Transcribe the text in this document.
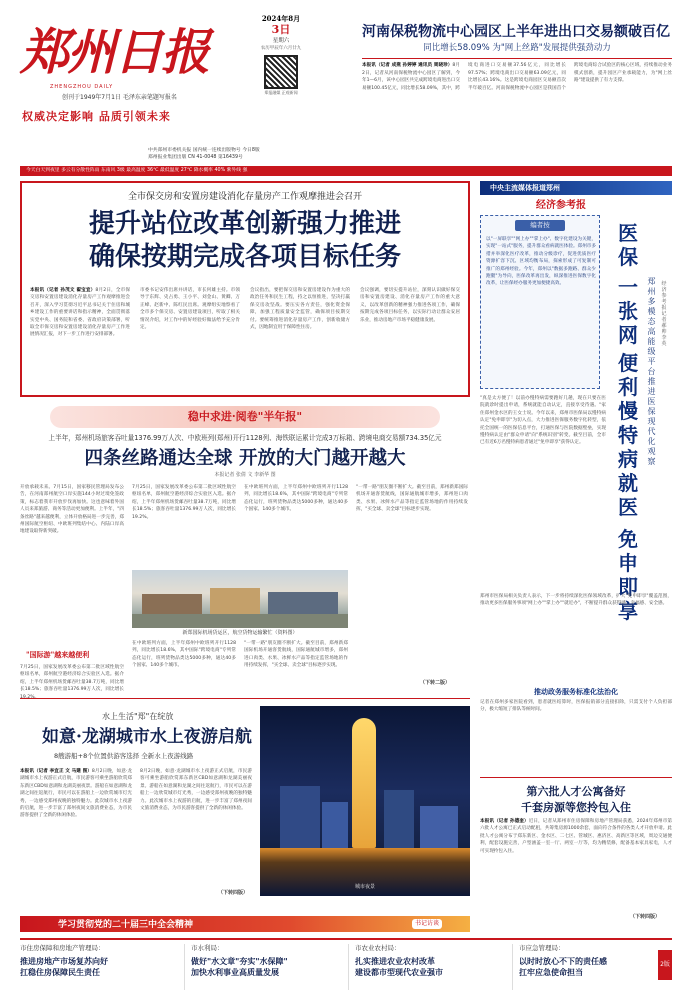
郑州日报
ZHENGZHOU DAILY
创刊于1949年7月1日 毛泽东亲笔题写报名
权威决定影响 品质引领未来
2024年8月
3日
星期六
农历甲辰年六月廿九
郑报融媒 正观新闻
中共郑州市委机关报 国内统一连续出版物号 今日8版
郑州报业集团出版 CN 41-0048 第16439号
河南保税物流中心园区上半年进出口交易额破百亿
同比增长58.09% 为"网上丝路"发展提供强劲动力
本报讯（记者 成燕 孙婷婷 通讯员 周晓珍）8月2日，记者从河南保税物流中心园区了解到，今年1—6月，该中心园区共完成跨境电商进出口交易额100.45亿元，同比增长58.09%，其中，跨境电商进口交易额37.56亿元，同比增长97.57%；跨境电商出口交易额63.09亿元，同比增长43.16%。这是跨境电商园区交易额首次半年破百亿。河南保税物流中心园区是我国首个跨境电商综合试验区的核心区域，持续推动业务模式创新，提升园区产业承载能力，为"网上丝路"建设提供了有力支撑。
今天白天到夜里 多云有分散性阵雨 东南风 3级 最高温度 36℃ 最低温度 27℃ 降水概率 40% 紫外线 强
全市保交房和安置房建设消化存量房产工作观摩推进会召开
提升站位改革创新强力推进
确保按期完成各项目标任务
本报讯（记者 孙茂文 翟宝宜）8月2日，全市保交房和安置房建设消化存量房产工作观摩推进会召开，深入学习贯彻习近平总书记关于住房和城乡建设工作的重要讲话和指示精神，全面贯彻落实党中央、国务院和省委、省政府决策部署，听取全市保交房和安置房建设消化存量房产工作进展情况汇报，对下一步工作进行安排部署。
市委书记安伟出席并讲话，市长何雄主持。市领导于东辉、史占勇、王小平、刘金山、黄卿、万正峰、赵新中、陈红民出席。观摩组实地察看了全市多个保交房、安置房建设项目，听取了相关情况介绍，对工作中的好经验好做法给予充分肯定。
会议指出，要把保交房和安置房建设作为重大的政治任务和民生工程，持之以恒推进，坚决打赢保交房攻坚战。要压实各方责任，强化资金保障，加强工程质量安全监管，确保项目按期交付。要统筹推进消化存量房产工作，创新收储方式，因地制宜用于保障性住房。
会议强调，要切实提升站位，深刻认识做好保交房和安置房建设、消化存量房产工作的重大意义，以改革创新的精神强力推进各项工作，确保按期完成各项目标任务，以实际行动让群众安居乐业，推动房地产市场平稳健康发展。
稳中求进·阅卷"半年报"
上半年，郑州机场旅客吞吐量1376.99万人次、中欧班列(郑州)开行1128列、海铁联运累计完成3万标箱、跨境电商交易额734.35亿元
四条丝路通达全球 开放的大门越开越大
本报记者 张倩 文 李新华 图
开放承载未来。7月15日，国家移民管理局发布公告，在河南郑州航空口岸实施144小时过境免签政策，标志着我市开放步伐再加快。这也意味着外国人员来郑旅游、商务等活动更加便利。上半年，"四条丝路"越来越便利，立体开放格局进一步完善，郑州国际航空枢纽、中欧班列集结中心、内陆口岸高地建设取得新突破。
"国际游"越来越便利
7月25日，国家发展改革委公布第二批区域性航空枢纽名单，郑州航空港经济综合实验区入选。据介绍，上半年郑州机场货邮吞吐量38.7万吨，同比增长18.5%；旅客吞吐量1376.99万人次，同比增长19.2%。
7月25日，国家发展改革委公布第二批区域性航空枢纽名单，郑州航空港经济综合实验区入选。据介绍，上半年郑州机场货邮吞吐量38.7万吨，同比增长18.5%；旅客吞吐量1376.99万人次，同比增长19.2%。
在中欧班列方面，上半年郑州中欧班列开行1128列，同比增长18.6%，其中国际"跨境电商"专列常态化运行，班列货物品类达5000多种，通达40多个国家、140多个城市。
"一带一路"朋友圈不断扩大。截至目前，郑州新郑国际机场开通客货航线，国际通航城市增多，郑州进口肉类、水果、冰鲜水产品等指定监管场地的作用持续发挥，"买全球、卖全球"目标逐步实现。
新郑国际机场货运区，航空货物运输繁忙（资料图）
在中欧班列方面，上半年郑州中欧班列开行1128列，同比增长18.6%，其中国际"跨境电商"专列常态化运行，班列货物品类达5000多种，通达40多个国家、140多个城市。
"一带一路"朋友圈不断扩大。截至目前，郑州新郑国际机场开通客货航线，国际通航城市增多，郑州进口肉类、水果、冰鲜水产品等指定监管场地的作用持续发挥，"买全球、卖全球"目标逐步实现。
（下转二版）
水上生活"郑"在绽放
如意·龙湖城市水上夜游启航
8艘游船+8个位置供游客选择 全新水上夜游线路
本报讯（记者 李宜正 文 马建 图）8月2日晚，如意·龙湖城市水上夜游正式启航，市民游客可乘坐游船欣赏郑东新区CBD如意湖和龙湖美丽夜景。游船在如意湖和龙湖之间往返航行，市民可以在游船上一边欣赏城市灯光秀，一边感受郑州夜晚的独特魅力。此次城市水上夜游的启航，进一步丰富了郑州夜间文旅消费业态，为市民游客提供了全新的休闲体验。
8月2日晚，如意·龙湖城市水上夜游正式启航，市民游客可乘坐游船欣赏郑东新区CBD如意湖和龙湖美丽夜景。游船在如意湖和龙湖之间往返航行，市民可以在游船上一边欣赏城市灯光秀，一边感受郑州夜晚的独特魅力。此次城市水上夜游的启航，进一步丰富了郑州夜间文旅消费业态，为市民游客提供了全新的休闲体验。
（下转四版）
城市夜景
学习贯彻党的二十届三中全会精神	书记访谈
中央主流媒体报道郑州
经济参考报
编者按
以"一屏联享""网上办""掌上办"、数字化建设为关键，实现"一站式"服务，提升群众看病就医体验。郑州市多措并举深化医疗改革，推动分级诊疗，促进优质医疗资源扩容下沉、区域均衡布局，探索形成了可复制可推广的郑州经验。今年，郑州以"数据多跑路、群众少跑腿"为导向，医保改革再出发，纵深推进医保数字化改革，让医保经办服务更加便捷高效。
医保
一张网
便利慢特病就医
免申即享
郑州多模态高能级平台推进医保现代化观察
经济参考报记者 郝帅 李英
"真是太方便了！以前办慢特病需要跑好几趟，现在只要在医院就诊时提出申请，系统就能自动认定，直接享受待遇。"家住郑州金水区的王女士说。今年以来，郑州市医保局以慢特病认定"免申即享"为切入点，大力推进医保服务数字化转型，依托全国统一的医保信息平台，打通医保与医院数据壁垒，实现慢特病认定由"群众申请"向"系统识别"转变。截至目前，全市已有近6万名慢特病患者通过"免申即享"获得认定。
郑州市医保局相关负责人表示，下一步将持续深化医保领域改革，扩大"免申即享"覆盖范围，推动更多医保服务事项"网上办""掌上办""就近办"，不断提升群众获得感、幸福感、安全感。
推动政务服务标准化法治化
记者在郑州多家医院看到，患者就医结算时，医保报销部分直接扣除，只需支付个人负担部分，极大缩短了排队等候时间。
第六批人才公寓备好
千套房源等您拎包入住
本报讯（记者 孙德奎）近日，记者从郑州市住房保障和房地产管理局获悉，2024年郑州市第六批人才公寓已正式启动配租，共筹集房源1000余套，面向符合条件的各类人才开放申请。此批人才公寓分布于郑东新区、金水区、二七区、管城区、惠济区、高新区等区域，周边交通便利，配套设施完善，户型涵盖一室一厅、两室一厅等，均为精装修，配备基本家具家电，人才可实现拎包入住。
（下转四版）
市住房保障和房地产管理局：
推进房地产市场复苏向好
扛稳住房保障民生责任
市水利局：
做好"水文章"夯实"水保障"
加快水利事业高质量发展
市农业农村局：
扎实推进农业农村改革
建设都市型现代农业强市
市应急管理局：
以时时放心不下的责任感
扛牢应急使命担当
2版
